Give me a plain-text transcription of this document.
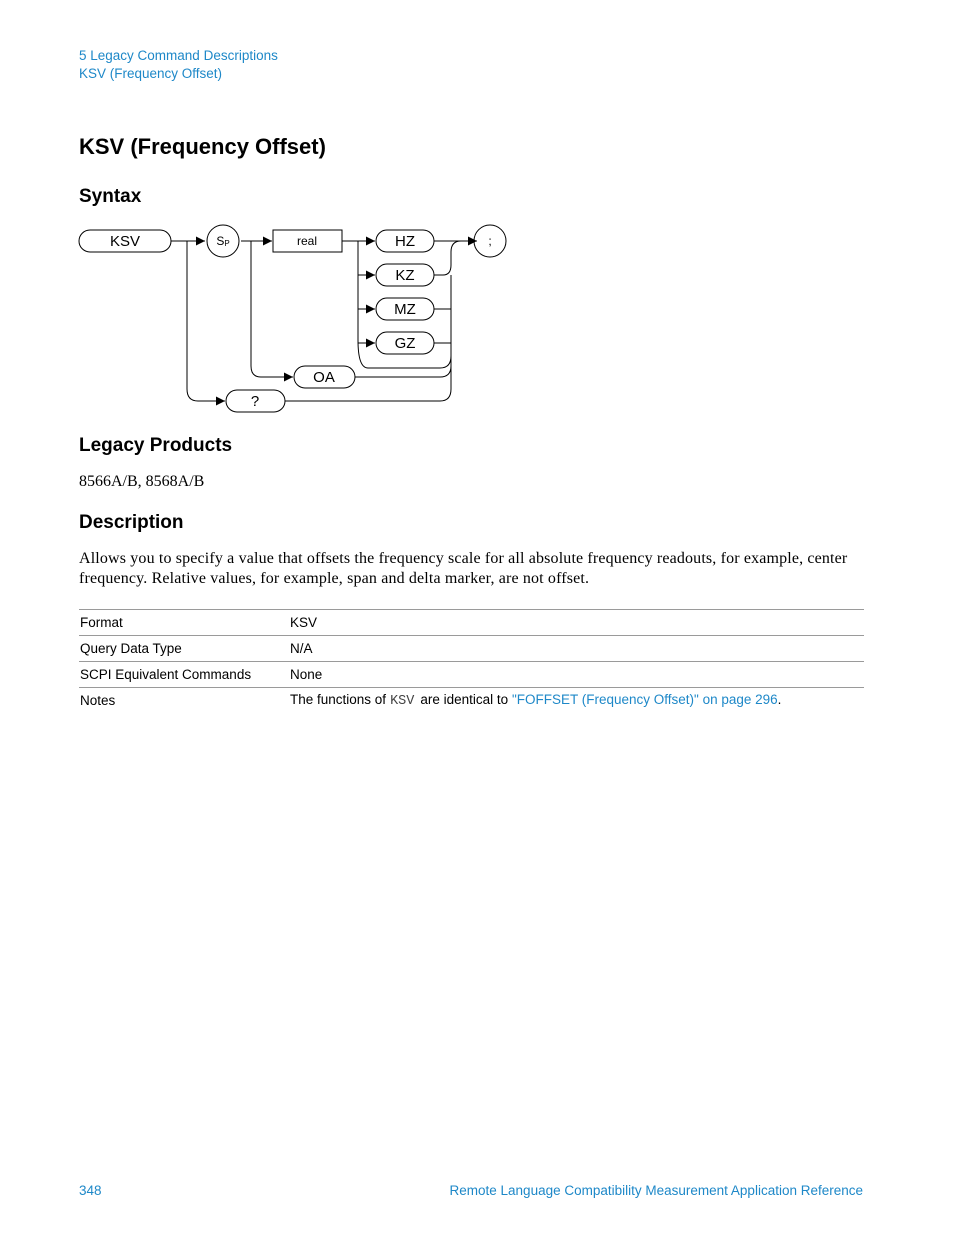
5 Legacy Command Descriptions
KSV (Frequency Offset)
KSV (Frequency Offset)
Syntax
KSV	SP	real	HZ
KZ
MZ
GZ
OA
?
;
Legacy Products
8566A/B, 8568A/B
Description

Allows you to specify a value that offsets the frequency scale for all absolute frequency readouts, for example, center frequency. Relative values, for example, span and delta marker, are not offset.

Format	KSV
Query Data Type	N/A
SCPI Equivalent Commands	None
Notes	The functions of KSV are identical to "FOFFSET (Frequency Offset)" on page 296.
348	Remote Language Compatibility Measurement Application Reference
